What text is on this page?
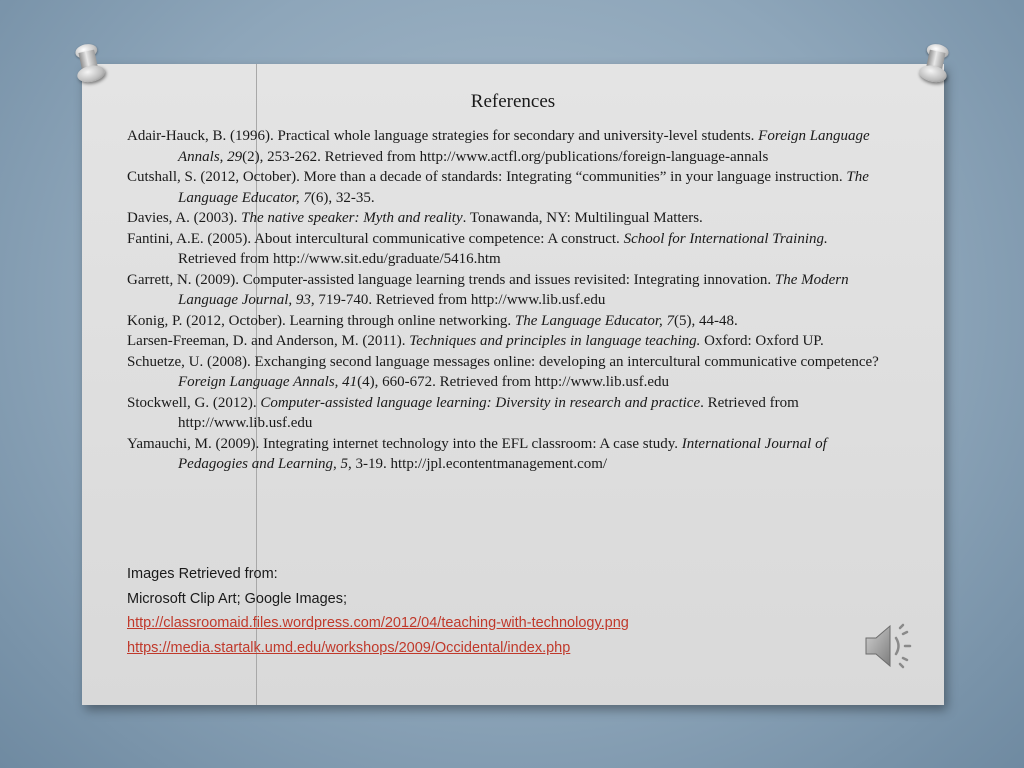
References
Adair-Hauck, B. (1996). Practical whole language strategies for secondary and university-level students. Foreign Language Annals, 29(2), 253-262. Retrieved from http://www.actfl.org/publications/foreign-language-annals
Cutshall, S. (2012, October). More than a decade of standards: Integrating “communities” in your language instruction. The Language Educator, 7(6), 32-35.
Davies, A. (2003). The native speaker: Myth and reality. Tonawanda, NY: Multilingual Matters.
Fantini, A.E. (2005). About intercultural communicative competence: A construct. School for International Training. Retrieved from http://www.sit.edu/graduate/5416.htm
Garrett, N. (2009). Computer-assisted language learning trends and issues revisited: Integrating innovation. The Modern Language Journal, 93, 719-740. Retrieved from http://www.lib.usf.edu
Konig, P. (2012, October). Learning through online networking. The Language Educator, 7(5), 44-48.
Larsen-Freeman, D. and Anderson, M. (2011). Techniques and principles in language teaching. Oxford: Oxford UP.
Schuetze, U. (2008). Exchanging second language messages online: developing an intercultural communicative competence? Foreign Language Annals, 41(4), 660-672. Retrieved from http://www.lib.usf.edu
Stockwell, G. (2012). Computer-assisted language learning: Diversity in research and practice. Retrieved from http://www.lib.usf.edu
Yamauchi, M. (2009). Integrating internet technology into the EFL classroom: A case study. International Journal of Pedagogies and Learning, 5, 3-19. http://jpl.econtentmanagement.com/
Images Retrieved from:
Microsoft Clip Art; Google Images;
http://classroomaid.files.wordpress.com/2012/04/teaching-with-technology.png
https://media.startalk.umd.edu/workshops/2009/Occidental/index.php
